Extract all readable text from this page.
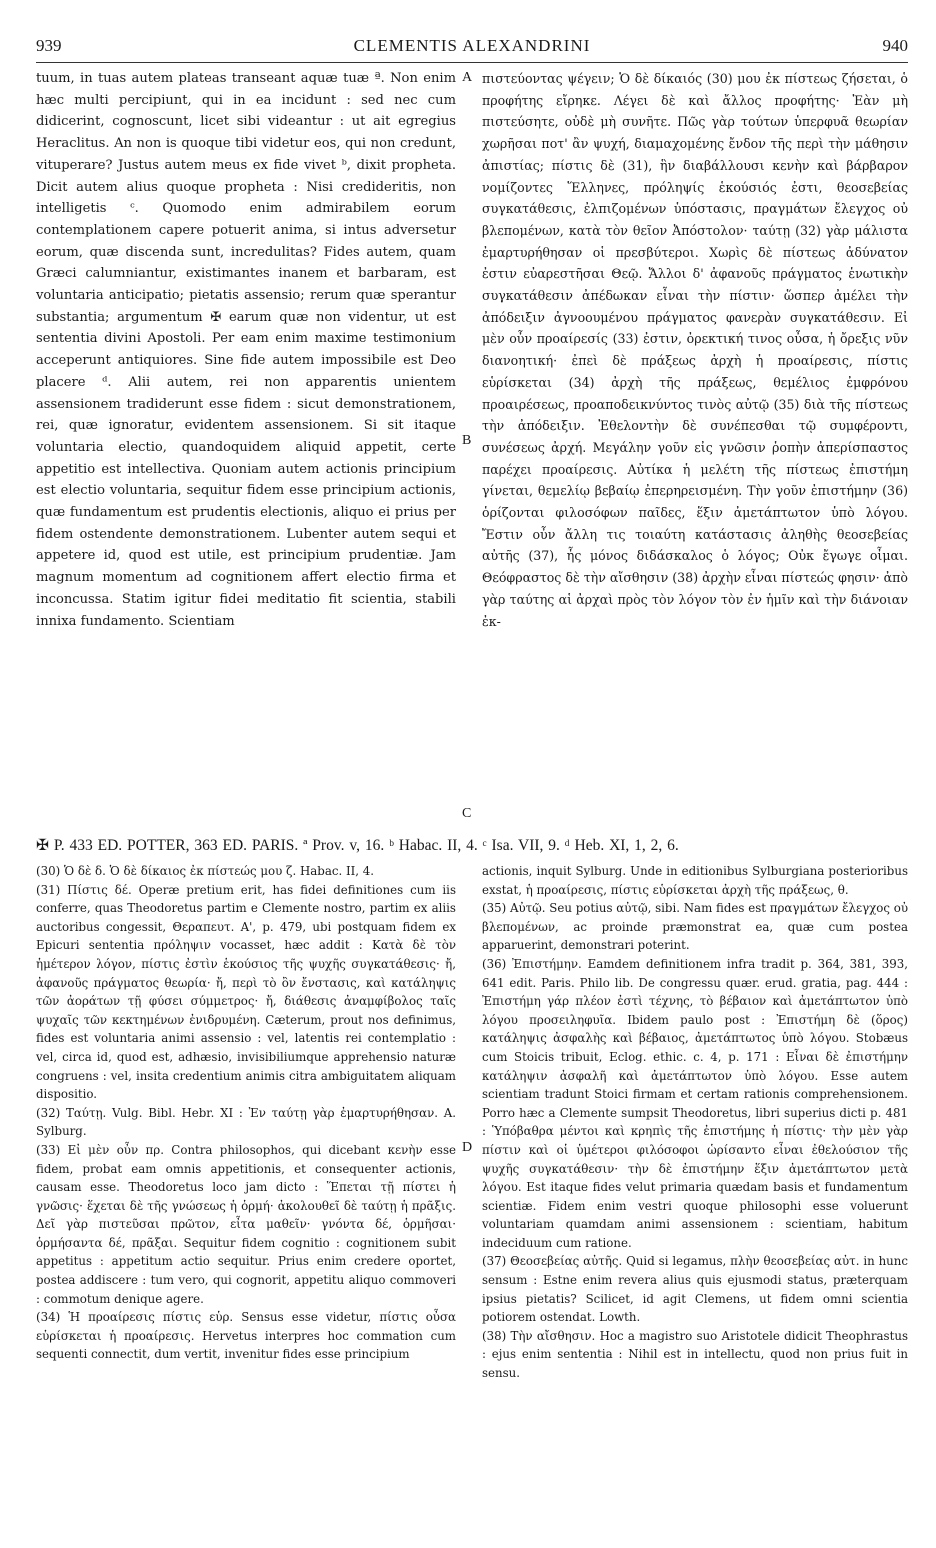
939	CLEMENTIS ALEXANDRINI	940

tuum, in tuas autem plateas transeant aquæ tuæ ª. Non enim hæc multi percipiunt, qui in ea incidunt : sed nec cum didicerint, cognoscunt, licet sibi videantur : ut ait egregius Heraclitus. An non is quoque tibi videtur eos, qui non credunt, vituperare? Justus autem meus ex fide vivet ᵇ, dixit propheta. Dicit autem alius quoque propheta : Nisi credideritis, non intelligetis ᶜ. Quomodo enim admirabilem eorum contemplationem capere potuerit anima, si intus adversetur eorum, quæ discenda sunt, incredulitas? Fides autem, quam Græci calumniantur, existimantes inanem et barbaram, est voluntaria anticipatio; pietatis assensio; rerum quæ sperantur substantia; argumentum ✠ earum quæ non videntur, ut est sententia divini Apostoli. Per eam enim maxime testimonium acceperunt antiquiores. Sine fide autem impossibile est Deo placere ᵈ. Alii autem, rei non apparentis unientem assensionem tradiderunt esse fidem : sicut demonstrationem, rei, quæ ignoratur, evidentem assensionem. Si sit itaque voluntaria electio, quandoquidem aliquid appetit, certe appetitio est intellectiva. Quoniam autem actionis principium est electio voluntaria, sequitur fidem esse principium actionis, quæ fundamentum est prudentis electionis, aliquo ei prius per fidem ostendente demonstrationem. Lubenter autem sequi et appetere id, quod est utile, est principium prudentiæ. Jam magnum momentum ad cognitionem affert electio firma et inconcussa. Statim igitur fidei meditatio fit scientia, stabili innixa fundamento. Scientiam

A
B
C

πιστεύοντας ψέγειν; Ὁ δὲ δίκαιός (30) μου ἐκ πίστεως ζήσεται, ὁ προφήτης εἴρηκε. Λέγει δὲ καὶ ἄλλος προφήτης· Ἐὰν μὴ πιστεύσητε, οὐδὲ μὴ συνῆτε. Πῶς γὰρ τούτων ὑπερφυᾶ θεωρίαν χωρῆσαι ποτ' ἂν ψυχή, διαμαχομένης ἔνδον τῆς περὶ τὴν μάθησιν ἀπιστίας; πίστις δὲ (31), ἣν διαβάλλουσι κενὴν καὶ βάρβαρον νομίζοντες Ἕλληνες, πρόληψίς ἑκούσιός ἐστι, θεοσεβείας συγκατάθεσις, ἐλπιζομένων ὑπόστασις, πραγμάτων ἔλεγχος οὐ βλεπομένων, κατὰ τὸν θεῖον Ἀπόστολον· ταύτῃ (32) γὰρ μάλιστα ἐμαρτυρήθησαν οἱ πρεσβύτεροι. Χωρὶς δὲ πίστεως ἀδύνατον ἐστιν εὐαρεστῆσαι Θεῷ. Ἄλλοι δ' ἀφανοῦς πράγματος ἑνωτικὴν συγκατάθεσιν ἀπέδωκαν εἶναι τὴν πίστιν· ὥσπερ ἀμέλει τὴν ἀπόδειξιν ἀγνοουμένου πράγματος φανερὰν συγκατάθεσιν. Εἰ μὲν οὖν προαίρεσίς (33) ἐστιν, ὀρεκτική τινος οὖσα, ἡ ὄρεξις νῦν διανοητική· ἐπεὶ δὲ πράξεως ἀρχὴ ἡ προαίρεσις, πίστις εὑρίσκεται (34) ἀρχὴ τῆς πράξεως, θεμέλιος ἐμφρόνου προαιρέσεως, προαποδεικνύντος τινὸς αὐτῷ (35) διὰ τῆς πίστεως τὴν ἀπόδειξιν. Ἐθελοντὴν δὲ συνέπεσθαι τῷ συμφέροντι, συνέσεως ἀρχή. Μεγάλην γοῦν εἰς γνῶσιν ῥοπὴν ἀπερίσπαστος παρέχει προαίρεσις. Αὐτίκα ἡ μελέτη τῆς πίστεως ἐπιστήμη γίνεται, θεμελίῳ βεβαίῳ ἐπερηρεισμένη. Τὴν γοῦν ἐπιστήμην (36) ὁρίζονται φιλοσόφων παῖδες, ἕξιν ἀμετάπτωτον ὑπὸ λόγου. Ἔστιν οὖν ἄλλη τις τοιαύτη κατάστασις ἀληθὴς θεοσεβείας αὐτῆς (37), ἧς μόνος διδάσκαλος ὁ λόγος; Οὐκ ἔγωγε οἶμαι. Θεόφραστος δὲ τὴν αἴσθησιν (38) ἀρχὴν εἶναι πίστεώς φησιν· ἀπὸ γὰρ ταύτης αἱ ἀρχαὶ πρὸς τὸν λόγον τὸν ἐν ἡμῖν καὶ τὴν διάνοιαν ἐκ-

✠ P. 433 ED. POTTER, 363 ED. PARIS. ª Prov. v, 16. ᵇ Habac. II, 4. ᶜ Isa. VII, 9. ᵈ Heb. XI, 1, 2, 6.

(30) Ὁ δὲ δ. Ὁ δὲ δίκαιος ἐκ πίστεώς μου ζ. Habac. II, 4.

(31) Πίστις δέ. Operæ pretium erit, has fidei definitiones cum iis conferre, quas Theodoretus partim e Clemente nostro, partim ex aliis auctoribus congessit, Θεραπευτ. Α', p. 479, ubi postquam fidem ex Epicuri sententia πρόληψιν vocasset, hæc addit : Κατὰ δὲ τὸν ἡμέτερον λόγον, πίστις ἐστὶν ἑκούσιος τῆς ψυχῆς συγκατάθεσις· ἤ, ἀφανοῦς πράγματος θεωρία· ἤ, περὶ τὸ ὂν ἔνστασις, καὶ κατάληψις τῶν ἀοράτων τῇ φύσει σύμμετρος· ἤ, διάθεσις ἀναμφίβολος ταῖς ψυχαῖς τῶν κεκτημένων ἐνιδρυμένη. Cæterum, prout nos definimus, fides est voluntaria animi assensio : vel, latentis rei contemplatio : vel, circa id, quod est, adhæsio, invisibiliumque apprehensio naturæ congruens : vel, insita credentium animis citra ambiguitatem aliquam dispositio.

(32) Ταύτῃ. Vulg. Bibl. Hebr. XI : Ἐν ταύτῃ γὰρ ἐμαρτυρήθησαν. A. Sylburg.

(33) Εἰ μὲν οὖν πρ. Contra philosophos, qui dicebant κενὴν esse fidem, probat eam omnis appetitionis, et consequenter actionis, causam esse. Theodoretus loco jam dicto : Ἕπεται τῇ πίστει ἡ γνῶσις· ἕχεται δὲ τῆς γνώσεως ἡ ὁρμή· ἀκολουθεῖ δὲ ταύτῃ ἡ πρᾶξις. Δεῖ γὰρ πιστεῦσαι πρῶτον, εἶτα μαθεῖν· γνόντα δέ, ὁρμῆσαι· ὁρμήσαντα δέ, πρᾶξαι. Sequitur fidem cognitio : cognitionem subit appetitus : appetitum actio sequitur. Prius enim credere oportet, postea addiscere : tum vero, qui cognorit, appetitu aliquo commoveri : commotum denique agere.

(34) Ἡ προαίρεσις πίστις εὑρ. Sensus esse videtur, πίστις οὖσα εὑρίσκεται ἡ προαίρεσις. Hervetus interpres hoc commation cum sequenti connectit, dum vertit, invenitur fides esse principium

D

actionis, inquit Sylburg. Unde in editionibus Sylburgiana posterioribus exstat, ἡ προαίρεσις, πίστις εὑρίσκεται ἀρχὴ τῆς πράξεως, θ.

(35) Αὐτῷ. Seu potius αὐτῷ, sibi. Nam fides est πραγμάτων ἔλεγχος οὐ βλεπομένων, ac proinde præmonstrat ea, quæ cum postea apparuerint, demonstrari poterint.

(36) Ἐπιστήμην. Eamdem definitionem infra tradit p. 364, 381, 393, 641 edit. Paris. Philo lib. De congressu quær. erud. gratia, pag. 444 : Ἐπιστήμη γάρ πλέον ἐστὶ τέχνης, τὸ βέβαιον καὶ ἀμετάπτωτον ὑπὸ λόγου προσειληφυῖα. Ibidem paulo post : Ἐπιστήμη δὲ (ὅρος) κατάληψις ἀσφαλὴς καὶ βέβαιος, ἀμετάπτωτος ὑπὸ λόγου. Stobæus cum Stoicis tribuit, Eclog. ethic. c. 4, p. 171 : Εἶναι δὲ ἐπιστήμην κατάληψιν ἀσφαλῆ καὶ ἀμετάπτωτον ὑπὸ λόγου. Esse autem scientiam tradunt Stoici firmam et certam rationis comprehensionem. Porro hæc a Clemente sumpsit Theodoretus, libri superius dicti p. 481 : Ὑπόβαθρα μέντοι καὶ κρηπὶς τῆς ἐπιστήμης ἡ πίστις· τὴν μὲν γὰρ πίστιν καὶ οἱ ὑμέτεροι φιλόσοφοι ὡρίσαντο εἶναι ἐθελούσιον τῆς ψυχῆς συγκατάθεσιν· τὴν δὲ ἐπιστήμην ἕξιν ἀμετάπτωτον μετὰ λόγου. Est itaque fides velut primaria quædam basis et fundamentum scientiæ. Fidem enim vestri quoque philosophi esse voluerunt voluntariam quamdam animi assensionem : scientiam, habitum indeciduum cum ratione.

(37) Θεοσεβείας αὐτῆς. Quid si legamus, πλὴν θεοσεβείας αὐτ. in hunc sensum : Estne enim revera alius quis ejusmodi status, præterquam ipsius pietatis? Scilicet, id agit Clemens, ut fidem omni scientia potiorem ostendat. Lowth.

(38) Τὴν αἴσθησιν. Hoc a magistro suo Aristotele didicit Theophrastus : ejus enim sententia : Nihil est in intellectu, quod non prius fuit in sensu.
